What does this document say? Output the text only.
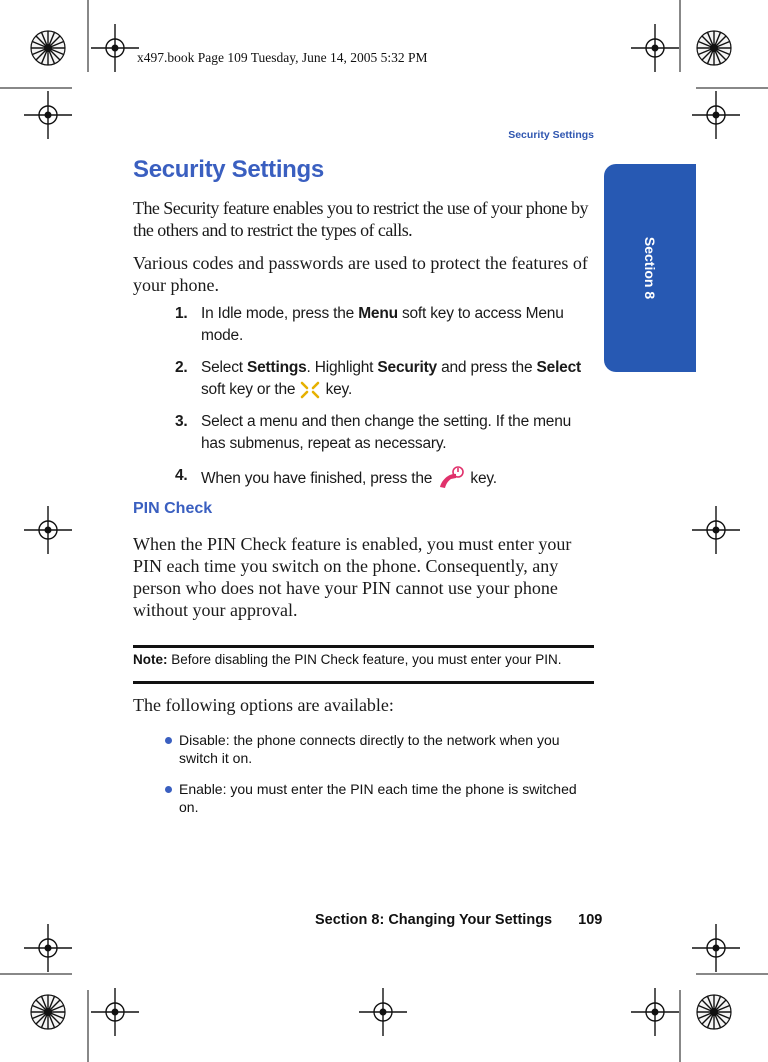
x497.book Page 109 Tuesday, June 14, 2005 5:32 PM
Security Settings
Section 8
Security Settings
The Security feature enables you to restrict the use of your phone by the others and to restrict the types of calls.
Various codes and passwords are used to protect the features of your phone.
1. In Idle mode, press the Menu soft key to access Menu mode.
2. Select Settings. Highlight Security and press the Select soft key or the  key.
3. Select a menu and then change the setting. If the menu has submenus, repeat as necessary.
4. When you have finished, press the  key.
PIN Check
When the PIN Check feature is enabled, you must enter your PIN each time you switch on the phone. Consequently, any person who does not have your PIN cannot use your phone without your approval.
Note: Before disabling the PIN Check feature, you must enter your PIN.
The following options are available:
Disable: the phone connects directly to the network when you switch it on.
Enable: you must enter the PIN each time the phone is switched on.
Section 8: Changing Your Settings 109
